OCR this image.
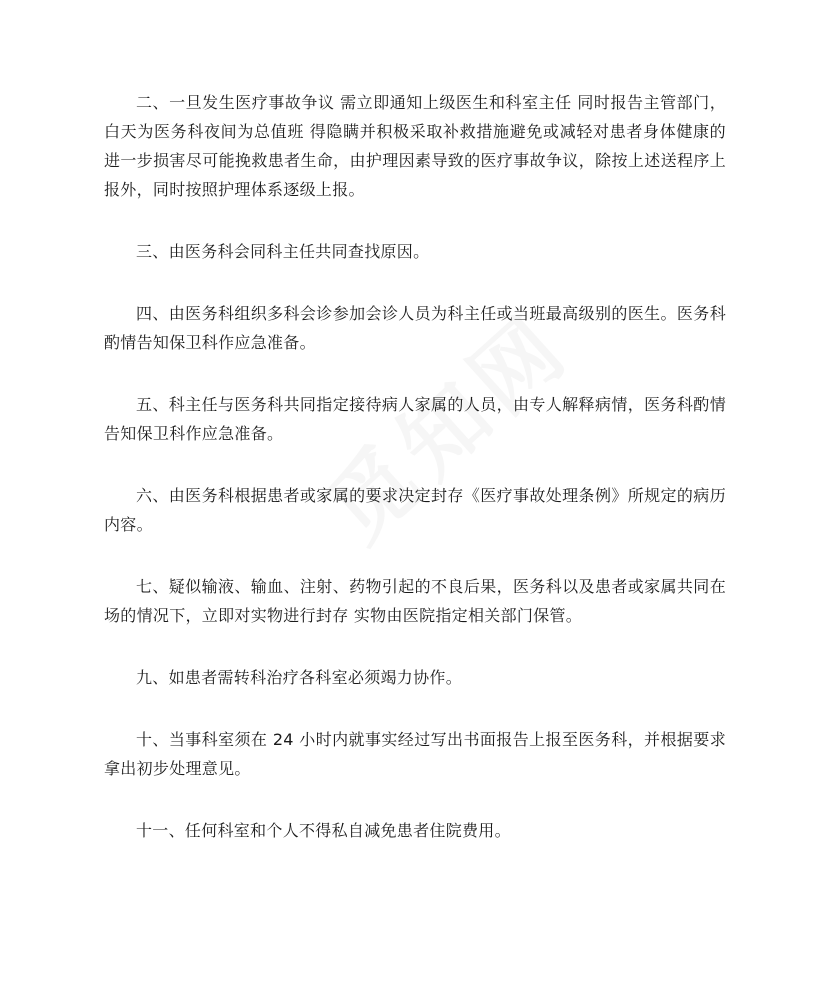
二、一旦发生医疗事故争议 需立即通知上级医生和科室主任 同时报告主管部门，白天为医务科夜间为总值班 得隐瞒并积极采取补救措施避免或减轻对患者身体健康的进一步损害尽可能挽救患者生命，由护理因素导致的医疗事故争议，除按上述送程序上报外，同时按照护理体系逐级上报。

三、由医务科会同科主任共同查找原因。

四、由医务科组织多科会诊参加会诊人员为科主任或当班最高级别的医生。医务科酌情告知保卫科作应急准备。

五、科主任与医务科共同指定接待病人家属的人员，由专人解释病情，医务科酌情告知保卫科作应急准备。

六、由医务科根据患者或家属的要求决定封存《医疗事故处理条例》所规定的病历内容。

七、疑似输液、输血、注射、药物引起的不良后果，医务科以及患者或家属共同在场的情况下，立即对实物进行封存 实物由医院指定相关部门保管。

九、如患者需转科治疗各科室必须竭力协作。

十、当事科室须在 24 小时内就事实经过写出书面报告上报至医务科，并根据要求拿出初步处理意见。

十一、任何科室和个人不得私自减免患者住院费用。
